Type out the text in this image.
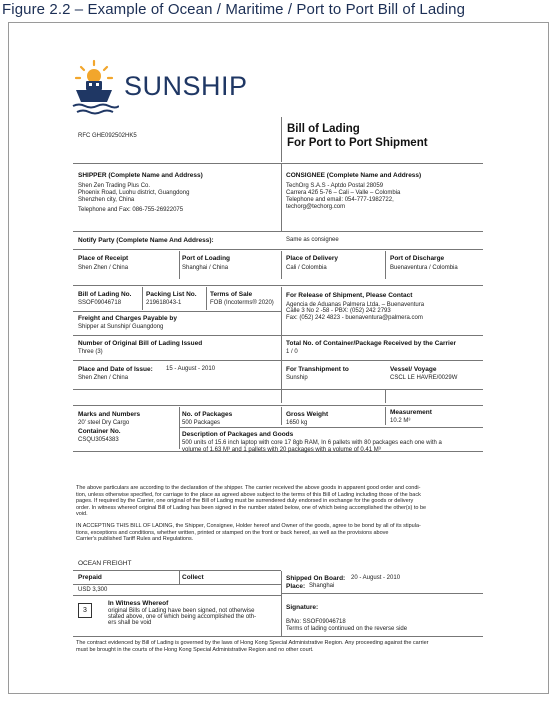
Figure 2.2 – Example of Ocean / Maritime / Port to Port Bill of Lading
SUNSHIP
RFC GHE092502HK5
Bill of Lading
For Port to Port Shipment
SHIPPER (Complete Name and Address)
Shen Zen Trading Plus Co.
Phoenix Road, Luohu district, Guangdong
Shenzhen city, China
Telephone and Fax: 086-755-26922075
CONSIGNEE (Complete Name and Address)
TechOrg S.A.S - Aptdo Postal 28059
Carrera 42б 5-76 – Cali – Valle – Colombia
Telephone and email: 054-777-1982722,
techorg@techorg.com
Notify Party (Complete Name And Address):	Same as consignee
Place of Receipt
Shen Zhen / China
Port of Loading
Shanghai / China
Place of Delivery
Cali / Colombia
Port of Discharge
Buenaventura / Colombia
Bill of Lading No.
SSOF09046718
Packing List No.
219618043-1
Terms of Sale
FOB (Incoterms® 2020)
For Release of Shipment, Please Contact
Agencia de Aduanas Palmera Ltda. – Buenaventura
Calle 3 No 2 -58 - PBX: (052) 242 2793
Fax: (052) 242 4823 - buenaventura@palmera.com
Freight and Charges Payable by
Shipper at Sunship/ Guangdong
Number of Original Bill of Lading Issued
Three (3)
Total No. of Container/Package Received by the Carrier
1 / 0
Place and Date of Issue: 15 - August - 2010
Shen Zhen / China
For Transhipment to
Sunship
Vessel/ Voyage
CSCL LE HAVRE/0029W
Marks and Numbers
20' steel Dry Cargo
Container No.
CSQU3054383
No. of Packages
500 Packages
Gross Weight
1650 kg
Measurement
10.2 M³
Description of Packages and Goods
500 units of 15.6 inch laptop with core 17 8gb RAM, In 6 pallets with 80 packages each one with a
volume of 1.63 M³ and 1 pallets with 20 packages with a volume of 0.41 M³
The above particulars are according to the declaration of the shipper. The carrier received the above goods in apparent good order and condi-
tion, unless otherwise specified, for carriage to the place as agreed above subject to the terms of this Bill of Lading including those of the back
pages. If required by the Carrier, one original of the Bill of Lading must be surrendered duly endorsed in exchange for the goods or delivery
order. In witness whereof original Bill of Lading has been signed in the number stated below, one of which being accomplished the other(s) to be
void.
IN ACCEPTING THIS BILL OF LADING, the Shipper, Consignee, Holder hereof and Owner of the goods, agree to be bond by all of its stipula-
tions, exceptions and conditions, whether written, printed or stamped on the front or back hereof, as well as the provisions above
Carrier's published Tariff Rules and Regulations.
OCEAN FREIGHT
Prepaid
USD 3,300
Collect
3
In Witness Whereof
original Bills of Lading have been signed, not otherwise
stated above, one of which being accomplished the oth-
ers shall be void
Shipped On Board: 20 - August - 2010
Place: Shanghai
Signature:
B/No: SSOF09046718
Terms of lading continued on the reverse side
The contract evidenced by Bill of Lading is governed by the laws of Hong Kong Special Administrative Region. Any proceeding against the carrier
must be brought in the courts of the Hong Kong Special Administrative Region and no other court.
